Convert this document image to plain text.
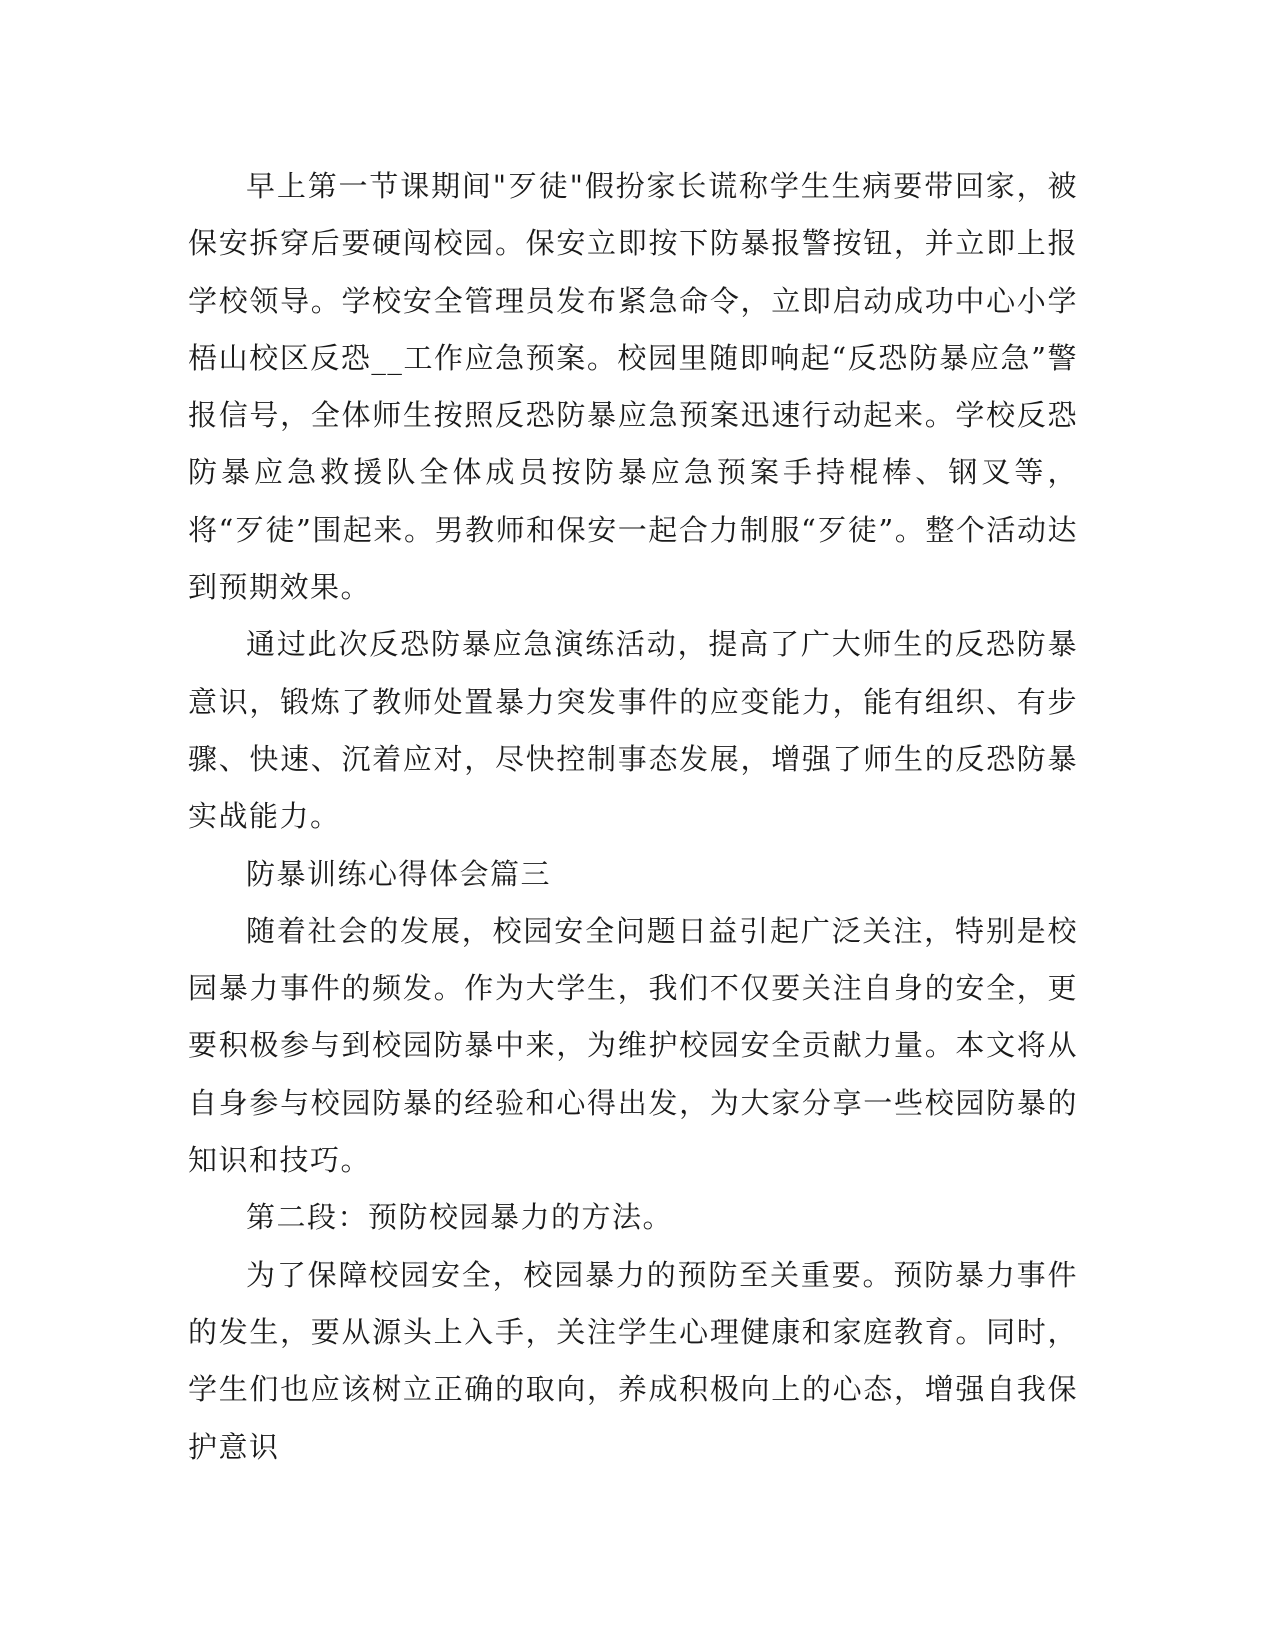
早上第一节课期间"歹徒"假扮家长谎称学生生病要带回家，被保安拆穿后要硬闯校园。保安立即按下防暴报警按钮，并立即上报学校领导。学校安全管理员发布紧急命令，立即启动成功中心小学梧山校区反恐__工作应急预案。校园里随即响起“反恐防暴应急”警报信号，全体师生按照反恐防暴应急预案迅速行动起来。学校反恐防暴应急救援队全体成员按防暴应急预案手持棍棒、钢叉等，将“歹徒”围起来。男教师和保安一起合力制服“歹徒”。整个活动达到预期效果。

通过此次反恐防暴应急演练活动，提高了广大师生的反恐防暴意识，锻炼了教师处置暴力突发事件的应变能力，能有组织、有步骤、快速、沉着应对，尽快控制事态发展，增强了师生的反恐防暴实战能力。

防暴训练心得体会篇三

随着社会的发展，校园安全问题日益引起广泛关注，特别是校园暴力事件的频发。作为大学生，我们不仅要关注自身的安全，更要积极参与到校园防暴中来，为维护校园安全贡献力量。本文将从自身参与校园防暴的经验和心得出发，为大家分享一些校园防暴的知识和技巧。

第二段：预防校园暴力的方法。

为了保障校园安全，校园暴力的预防至关重要。预防暴力事件的发生，要从源头上入手，关注学生心理健康和家庭教育。同时，学生们也应该树立正确的取向，养成积极向上的心态，增强自我保护意识
